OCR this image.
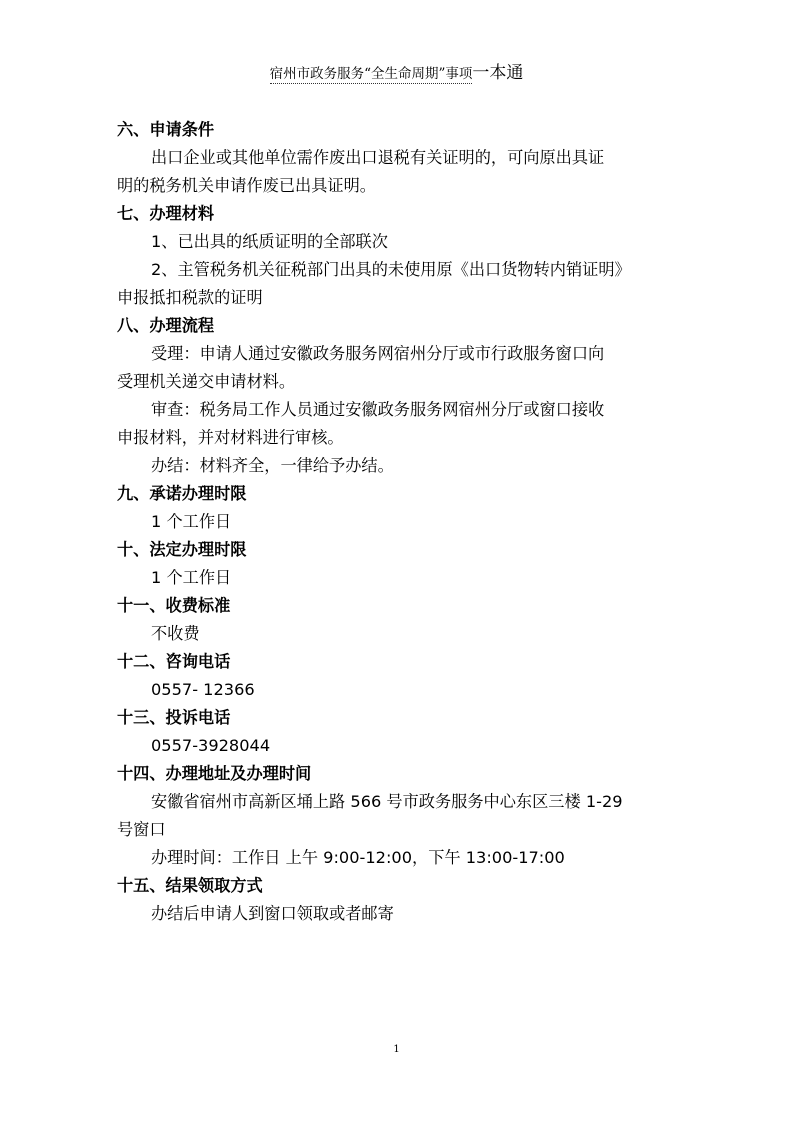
宿州市政务服务“全生命周期”事项一本通
六、申请条件
出口企业或其他单位需作废出口退税有关证明的，可向原出具证
明的税务机关申请作废已出具证明。
七、办理材料
1、已出具的纸质证明的全部联次
2、主管税务机关征税部门出具的未使用原《出口货物转内销证明》
申报抵扣税款的证明
八、办理流程
受理：申请人通过安徽政务服务网宿州分厅或市行政服务窗口向
受理机关递交申请材料。
审查：税务局工作人员通过安徽政务服务网宿州分厅或窗口接收
申报材料，并对材料进行审核。
办结：材料齐全，一律给予办结。
九、承诺办理时限
1 个工作日
十、法定办理时限
1 个工作日
十一、收费标准
不收费
十二、咨询电话
0557- 12366
十三、投诉电话
0557-3928044
十四、办理地址及办理时间
安徽省宿州市高新区埇上路 566 号市政务服务中心东区三楼 1-29
号窗口
办理时间：工作日 上午 9:00-12:00，下午 13:00-17:00
十五、结果领取方式
办结后申请人到窗口领取或者邮寄
1
